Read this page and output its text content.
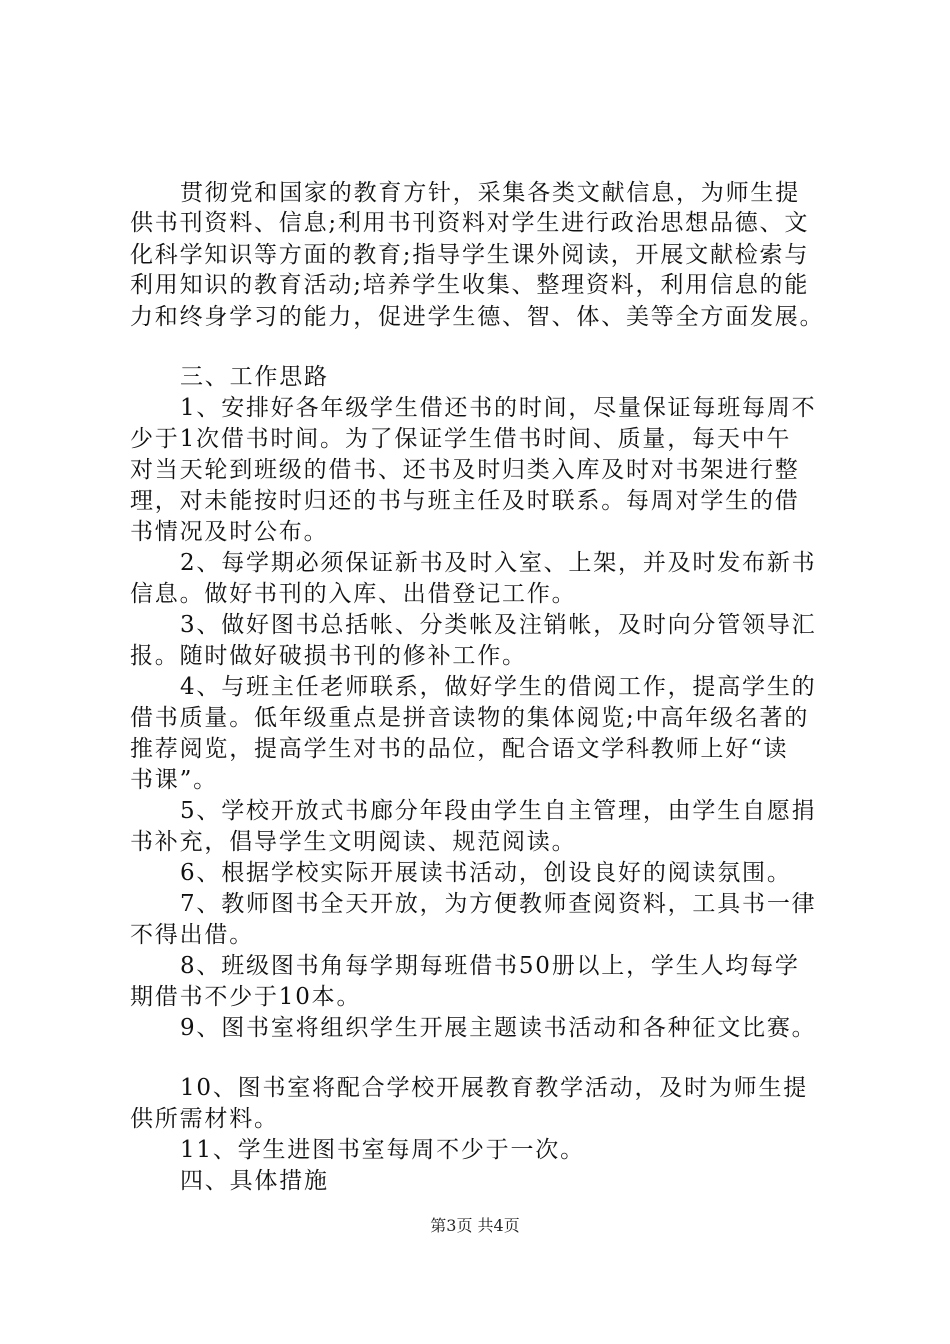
贯彻党和国家的教育方针，采集各类文献信息，为师生提
供书刊资料、信息;利用书刊资料对学生进行政治思想品德、文
化科学知识等方面的教育;指导学生课外阅读，开展文献检索与
利用知识的教育活动;培养学生收集、整理资料，利用信息的能
力和终身学习的能力，促进学生德、智、体、美等全方面发展。
三、工作思路
1、安排好各年级学生借还书的时间，尽量保证每班每周不
少于1次借书时间。为了保证学生借书时间、质量，每天中午
对当天轮到班级的借书、还书及时归类入库及时对书架进行整
理，对未能按时归还的书与班主任及时联系。每周对学生的借
书情况及时公布。
2、每学期必须保证新书及时入室、上架，并及时发布新书
信息。做好书刊的入库、出借登记工作。
3、做好图书总括帐、分类帐及注销帐，及时向分管领导汇
报。随时做好破损书刊的修补工作。
4、与班主任老师联系，做好学生的借阅工作，提高学生的
借书质量。低年级重点是拼音读物的集体阅览;中高年级名著的
推荐阅览，提高学生对书的品位，配合语文学科教师上好“读
书课”。
5、学校开放式书廊分年段由学生自主管理，由学生自愿捐
书补充，倡导学生文明阅读、规范阅读。
6、根据学校实际开展读书活动，创设良好的阅读氛围。
7、教师图书全天开放，为方便教师查阅资料，工具书一律
不得出借。
8、班级图书角每学期每班借书50册以上，学生人均每学
期借书不少于10本。
9、图书室将组织学生开展主题读书活动和各种征文比赛。
10、图书室将配合学校开展教育教学活动，及时为师生提
供所需材料。
11、学生进图书室每周不少于一次。
四、具体措施
第3页 共4页
